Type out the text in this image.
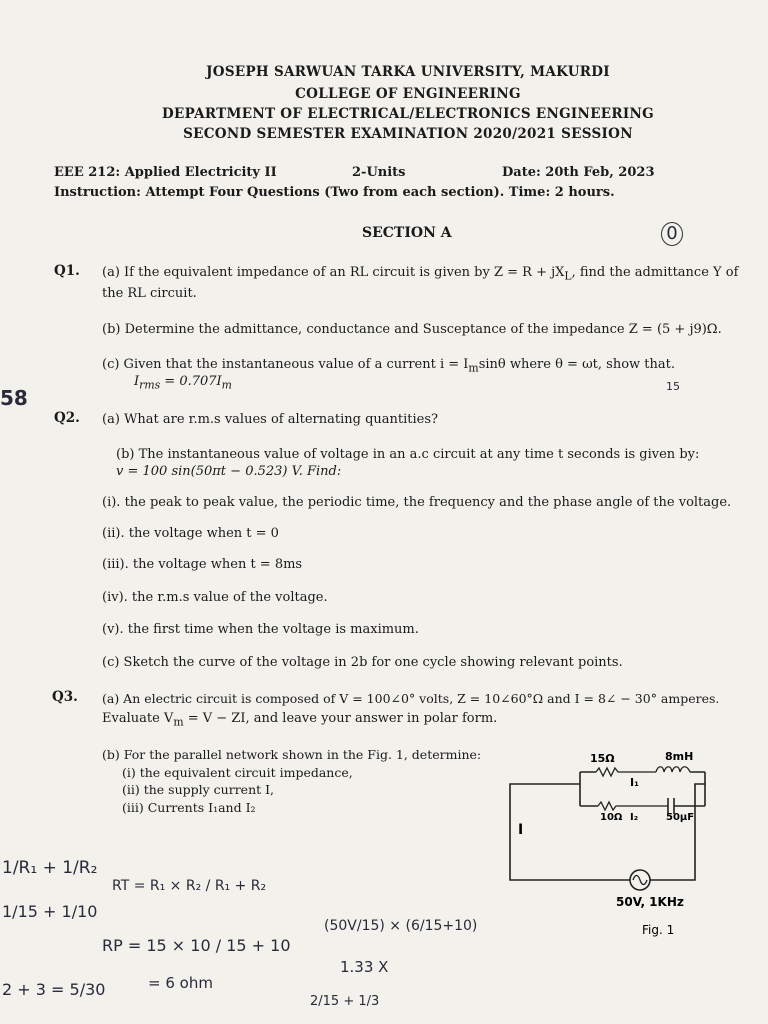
JOSEPH SARWUAN TARKA UNIVERSITY, MAKURDI
COLLEGE OF ENGINEERING
DEPARTMENT OF ELECTRICAL/ELECTRONICS ENGINEERING
SECOND SEMESTER EXAMINATION 2020/2021 SESSION
EEE 212: Applied Electricity II	2-Units	Date: 20th Feb, 2023
Instruction: Attempt Four Questions (Two from each section). Time: 2 hours.
SECTION A	0
Q1. (a) If the equivalent impedance of an RL circuit is given by $Z = R + jX_L$, find the admittance Y of
the RL circuit.
(b) Determine the admittance, conductance and Susceptance of the impedance Z = (5 + j9)Ω.
(c) Given that the instantaneous value of a current $i = I_m\sin\theta$ where θ = ωt, show that.
$I_{rms} = 0.707I_m$
58	15
Q2. (a) What are r.m.s values of alternating quantities?
(b) The instantaneous value of voltage in an a.c circuit at any time t seconds is given by:
v = 100 sin(50πt − 0.523) V. Find:
(i). the peak to peak value, the periodic time, the frequency and the phase angle of the voltage.
(ii). the voltage when t = 0
(iii). the voltage when t = 8ms
(iv). the r.m.s value of the voltage.
(v). the first time when the voltage is maximum.
(c) Sketch the curve of the voltage in 2b for one cycle showing relevant points.
Q3. (a) An electric circuit is composed of V = 100∠0° volts, Z = 10∠60°Ω and I = 8∠ − 30° amperes.
Evaluate $V_m = V$ − ZI, and leave your answer in polar form.
(b) For the parallel network shown in the Fig. 1, determine:
(i) the equivalent circuit impedance,
(ii) the supply current I,
(iii) Currents I₁and I₂
15Ω	8mH
I₁
10Ω I₂	50μF
I
50V, 1KHz
Fig. 1
1/R₁ + 1/R₂
1/15 + 1/10
2 + 3 = 5/30
RT = R₁ × R₂ / R₁ + R₂
RP = 15 × 10 / 15 + 10
= 6 ohm
(50V/15) × (6/15+10)
1.33 X
2/15 + 1/3
